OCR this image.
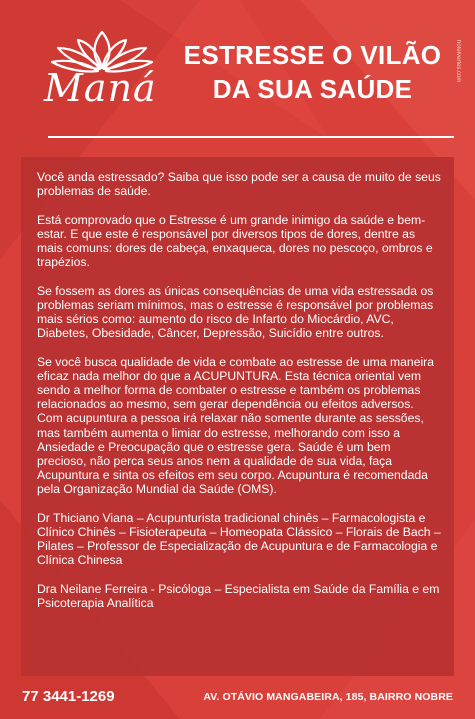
Maná
ESTRESSE O VILÃO
DA SUA SAÚDE
hotelvertes.com

Você anda estressado? Saiba que isso pode ser a causa de muito de seus problemas de saúde.

Está comprovado que o Estresse é um grande inimigo da saúde e bem-estar. E que este é responsável por diversos tipos de dores, dentre as mais comuns: dores de cabeça, enxaqueca, dores no pescoço, ombros e trapézios.

Se fossem as dores as únicas consequências de uma vida estressada os problemas seriam mínimos, mas o estresse é responsável por problemas mais sérios como: aumento do risco de Infarto do Miocárdio, AVC, Diabetes, Obesidade, Câncer, Depressão, Suicídio entre outros.

Se você busca qualidade de vida e combate ao estresse de uma maneira eficaz nada melhor do que a ACUPUNTURA. Esta técnica oriental vem sendo a melhor forma de combater o estresse e também os problemas relacionados ao mesmo, sem gerar dependência ou efeitos adversos. Com acupuntura a pessoa irá relaxar não somente durante as sessões, mas também aumenta o limiar do estresse, melhorando com isso a Ansiedade e Preocupação que o estresse gera. Saúde é um bem precioso, não perca seus anos nem a qualidade de sua vida, faça Acupuntura e sinta os efeitos em seu corpo. Acupuntura é recomendada pela Organização Mundial da Saúde (OMS).

Dr Thiciano Viana – Acupunturista tradicional chinês – Farmacologista e Clínico Chinês – Fisioterapeuta – Homeopata Clássico – Florais de Bach – Pilates – Professor de Especialização de Acupuntura e de Farmacologia e Clínica Chinesa

Dra Neilane Ferreira - Psicóloga – Especialista em Saúde da Família e em Psicoterapia Analítica

77 3441-1269	AV. OTÁVIO MANGABEIRA, 185, BAIRRO NOBRE
